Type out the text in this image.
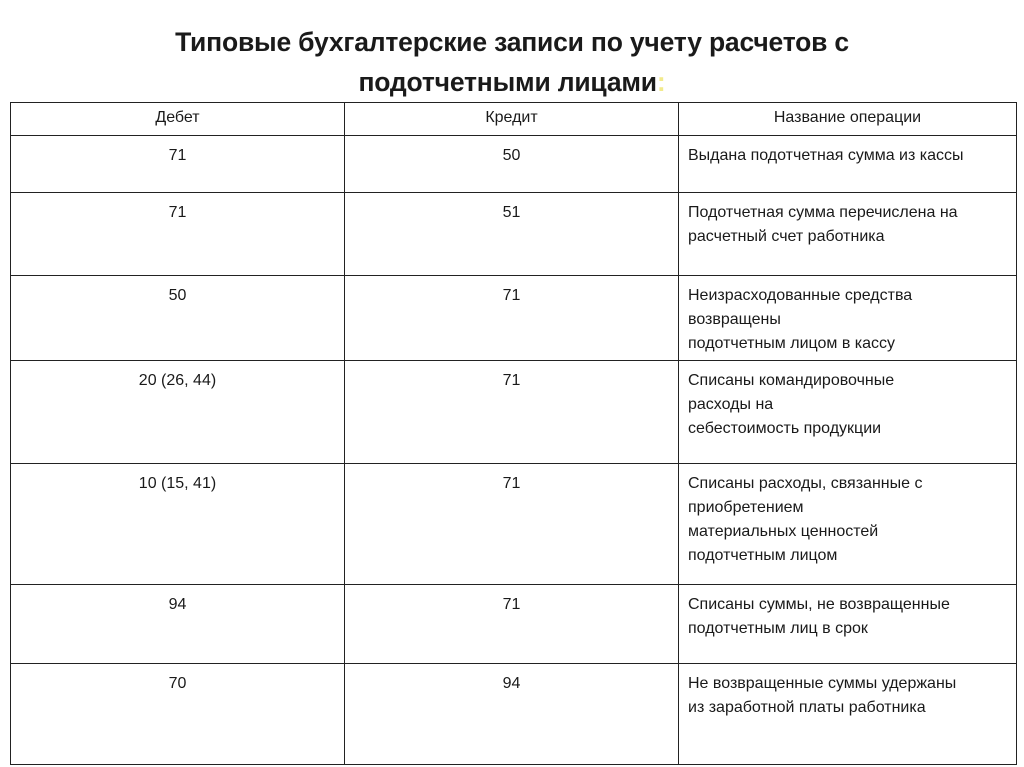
Типовые бухгалтерские записи по учету расчетов с
подотчетными лицами:
Дебет	Кредит	Название операции
71	50	Выдана подотчетная сумма из кассы

71	51	Подотчетная сумма перечислена на
расчетный счет работника

50	71	Неизрасходованные средства
возвращены
подотчетным лицом в кассу

20 (26, 44)	71	Списаны командировочные
расходы на
себестоимость продукции

10 (15, 41)	71	Списаны расходы, связанные с
приобретением
материальных ценностей
подотчетным лицом

94	71	Списаны суммы, не возвращенные
подотчетным лиц в срок

70	94	Не возвращенные суммы удержаны
из заработной платы работника
